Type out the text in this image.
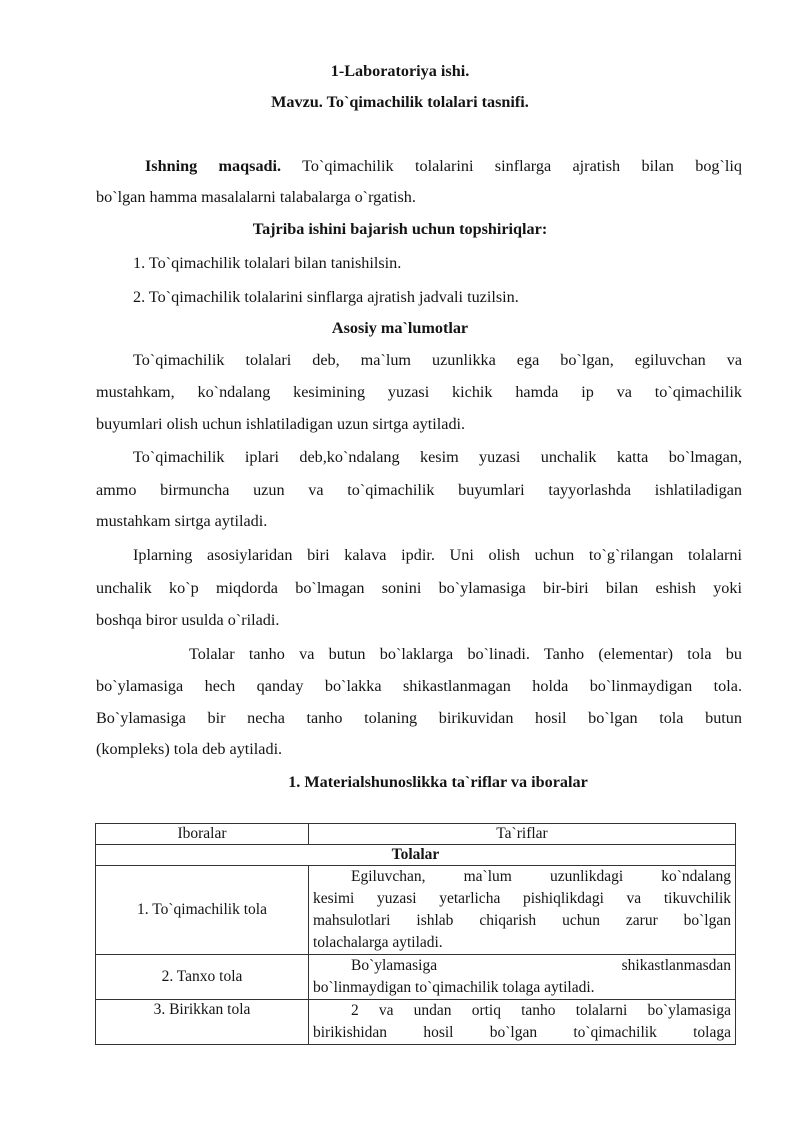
1-Laboratoriya ishi.
Mavzu. To`qimachilik tolalari tasnifi.
Ishning maqsadi. To`qimachilik tolalarini sinflarga ajratish bilan bog`liq
bo`lgan hamma masalalarni talabalarga o`rgatish.
Tajriba ishini bajarish uchun topshiriqlar:
1. To`qimachilik tolalari bilan tanishilsin.
2. To`qimachilik tolalarini sinflarga ajratish jadvali tuzilsin.
Asosiy ma`lumotlar
To`qimachilik tolalari deb, ma`lum uzunlikka ega bo`lgan, egiluvchan va
mustahkam, ko`ndalang kesimining yuzasi kichik hamda ip va to`qimachilik
buyumlari olish uchun ishlatiladigan uzun sirtga aytiladi.
To`qimachilik iplari deb,ko`ndalang kesim yuzasi unchalik katta bo`lmagan,
ammo birmuncha uzun va to`qimachilik buyumlari tayyorlashda ishlatiladigan
mustahkam sirtga aytiladi.
Iplarning asosiylaridan biri kalava ipdir. Uni olish uchun to`g`rilangan tolalarni
unchalik ko`p miqdorda bo`lmagan sonini bo`ylamasiga bir-biri bilan eshish yoki
boshqa biror usulda o`riladi.
Tolalar tanho va butun bo`laklarga bo`linadi. Tanho (elementar) tola bu
bo`ylamasiga hech qanday bo`lakka shikastlanmagan holda bo`linmaydigan tola.
Bo`ylamasiga bir necha tanho tolaning birikuvidan hosil bo`lgan tola butun
(kompleks) tola deb aytiladi.
1. Materialshunoslikka ta`riflar va iboralar
Iboralar	Ta`riflar
Tolalar	
1. To`qimachilik tola	Egiluvchan, ma`lum uzunlikdagi ko`ndalang
kesimi yuzasi yetarlicha pishiqlikdagi va tikuvchilik
mahsulotlari ishlab chiqarish uchun zarur bo`lgan
tolachalarga aytiladi.

2. Tanxo tola	Bo`ylamasiga shikastlanmasdan
bo`linmaydigan to`qimachilik tolaga aytiladi.

3. Birikkan tola	2 va undan ortiq tanho tolalarni bo`ylamasiga
birikishidan hosil bo`lgan to`qimachilik tolaga
